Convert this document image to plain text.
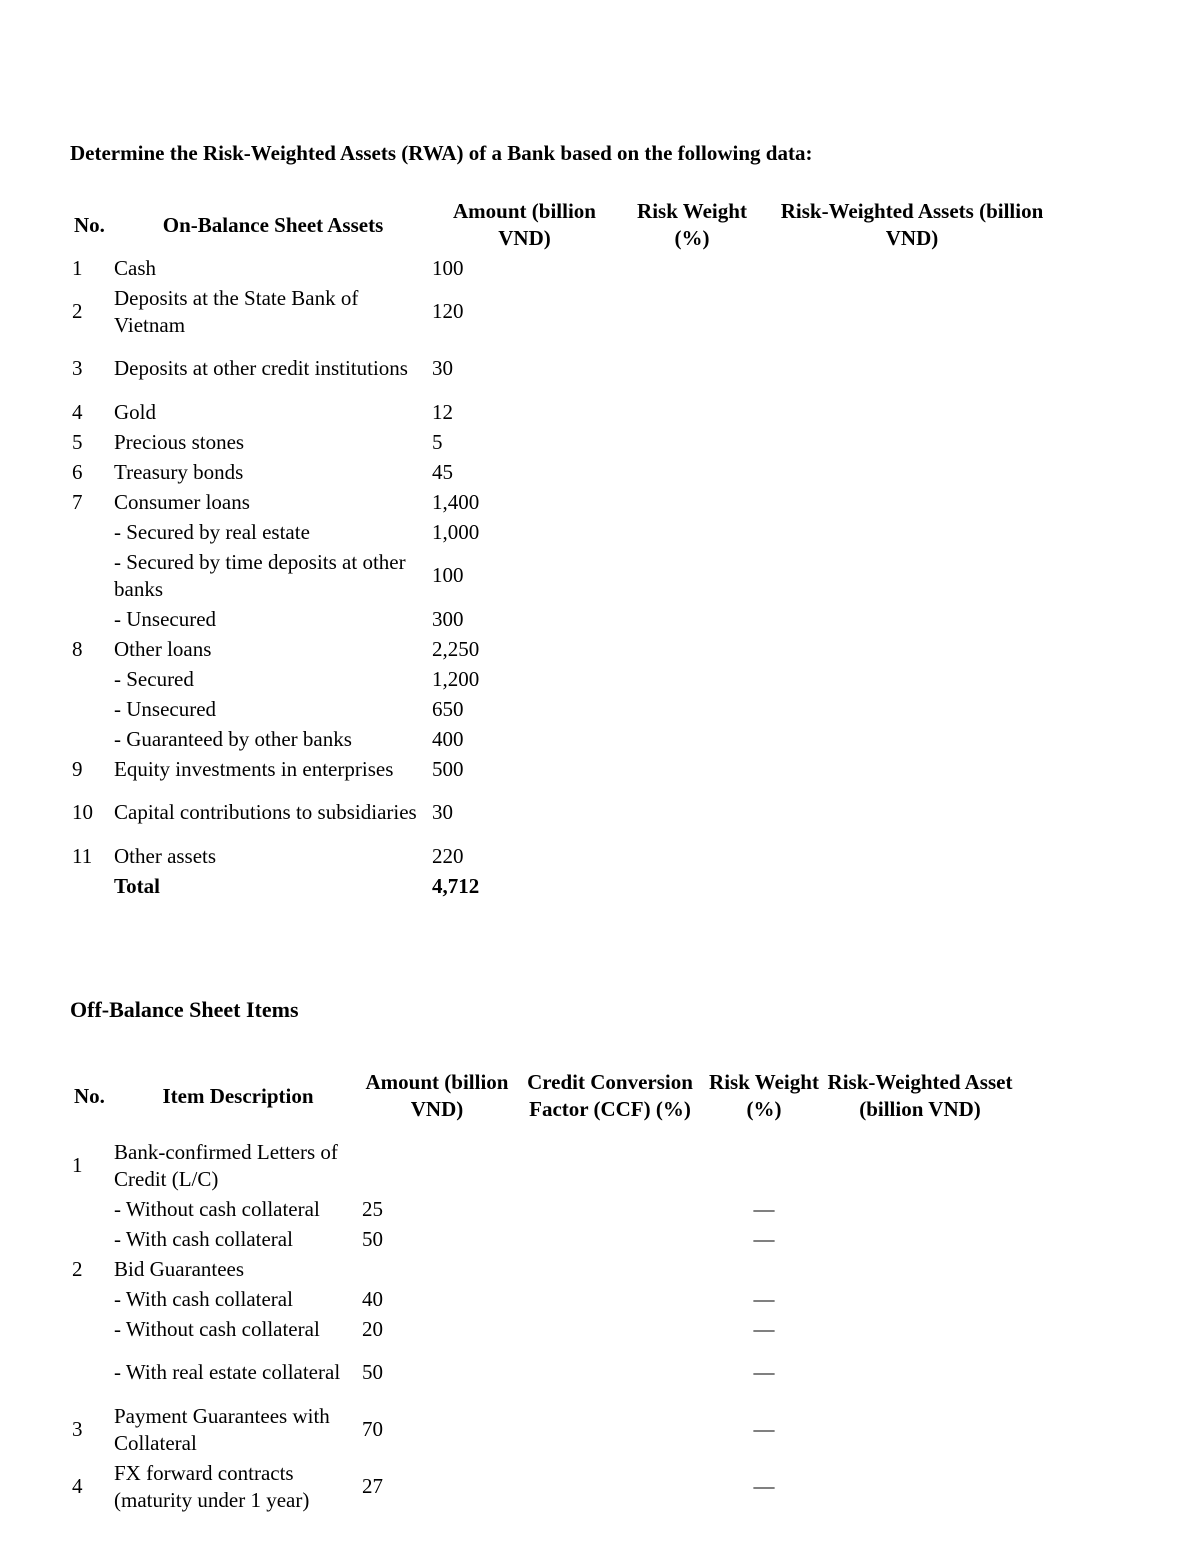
Determine the Risk-Weighted Assets (RWA) of a Bank based on the following data:
No.	On-Balance Sheet Assets	Amount (billion VND)	Risk Weight (%)	Risk-Weighted Assets (billion VND)
1	Cash	100		
2	Deposits at the State Bank of Vietnam	120		
3	Deposits at other credit institutions	30		
4	Gold	12		
5	Precious stones	5		
6	Treasury bonds	45		
7	Consumer loans	1,400		
	- Secured by real estate	1,000		
	- Secured by time deposits at other banks	100		
	- Unsecured	300		
8	Other loans	2,250		
	- Secured	1,200		
	- Unsecured	650		
	- Guaranteed by other banks	400		
9	Equity investments in enterprises	500		
10	Capital contributions to subsidiaries	30		
11	Other assets	220		
	Total	4,712		
Off-Balance Sheet Items
No.	Item Description	Amount (billion VND)	Credit Conversion Factor (CCF) (%)	Risk Weight (%)	Risk-Weighted Asset (billion VND)
1	Bank-confirmed Letters of Credit (L/C)				
	- Without cash collateral	25		—	
	- With cash collateral	50		—	
2	Bid Guarantees				
	- With cash collateral	40		—	
	- Without cash collateral	20		—	
	- With real estate collateral	50		—	
3	Payment Guarantees with Collateral	70		—	
4	FX forward contracts (maturity under 1 year)	27		—	
